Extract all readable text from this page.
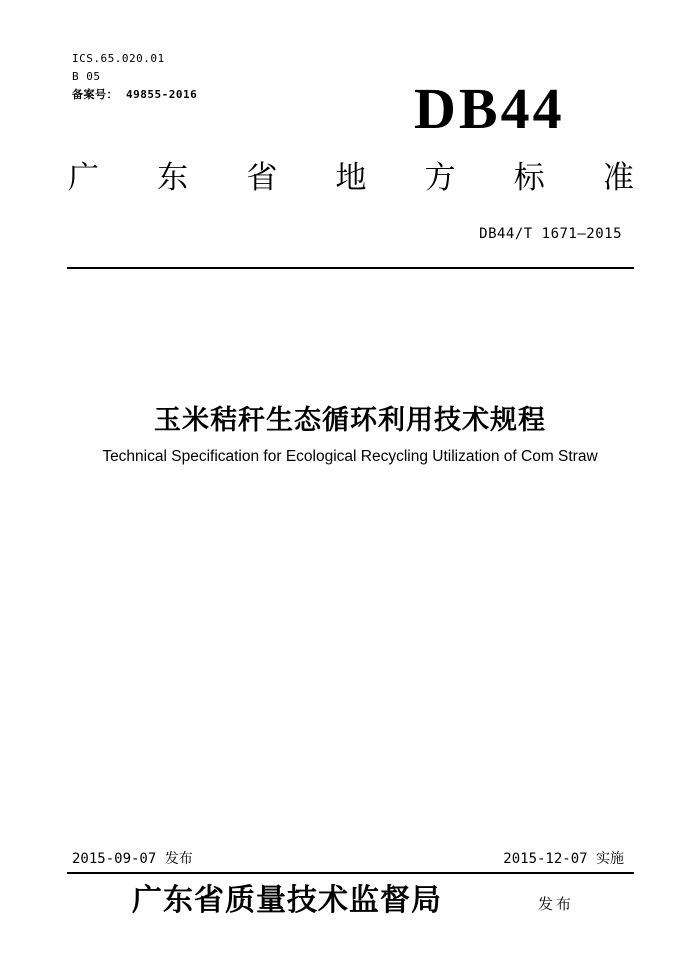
ICS.65.020.01
B 05
备案号： 49855-2016	DB44
广 东 省 地 方 标 准
DB44/T 1671—2015
玉米秸秆生态循环利用技术规程
Technical Specification for Ecological Recycling Utilization of Com Straw
2015-09-07 发布	2015-12-07 实施
广东省质量技术监督局	发布
